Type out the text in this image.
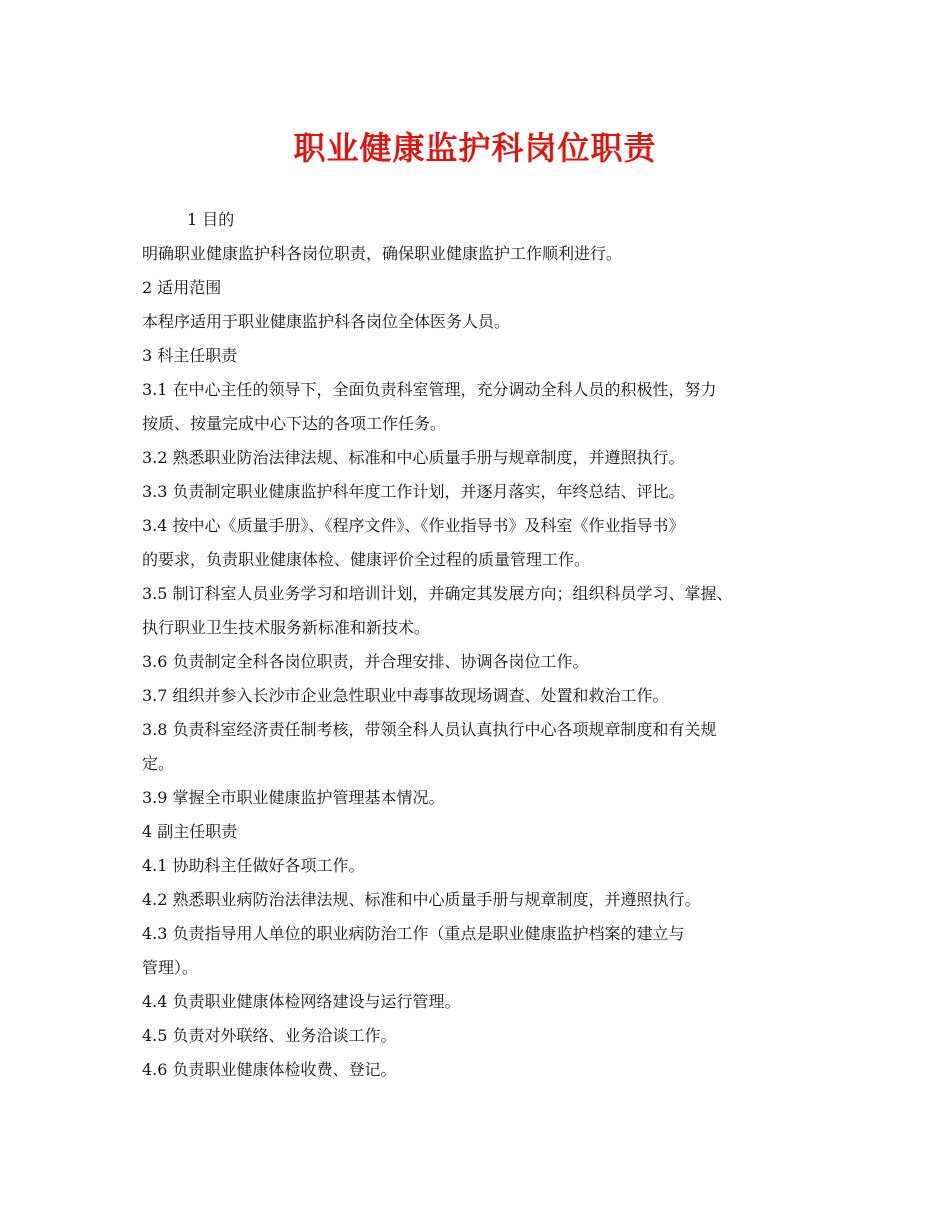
职业健康监护科岗位职责
1 目的
明确职业健康监护科各岗位职责，确保职业健康监护工作顺利进行。
2 适用范围
本程序适用于职业健康监护科各岗位全体医务人员。
3 科主任职责
3.1 在中心主任的领导下，全面负责科室管理，充分调动全科人员的积极性，努力
按质、按量完成中心下达的各项工作任务。
3.2 熟悉职业防治法律法规、标准和中心质量手册与规章制度，并遵照执行。
3.3 负责制定职业健康监护科年度工作计划，并逐月落实，年终总结、评比。
3.4 按中心《质量手册》、《程序文件》、《作业指导书》及科室《作业指导书》
的要求，负责职业健康体检、健康评价全过程的质量管理工作。
3.5 制订科室人员业务学习和培训计划，并确定其发展方向；组织科员学习、掌握、
执行职业卫生技术服务新标准和新技术。
3.6 负责制定全科各岗位职责，并合理安排、协调各岗位工作。
3.7 组织并参入长沙市企业急性职业中毒事故现场调查、处置和救治工作。
3.8 负责科室经济责任制考核，带领全科人员认真执行中心各项规章制度和有关规
定。
3.9 掌握全市职业健康监护管理基本情况。
4 副主任职责
4.1 协助科主任做好各项工作。
4.2 熟悉职业病防治法律法规、标准和中心质量手册与规章制度，并遵照执行。
4.3 负责指导用人单位的职业病防治工作（重点是职业健康监护档案的建立与
管理）。
4.4 负责职业健康体检网络建设与运行管理。
4.5 负责对外联络、业务洽谈工作。
4.6 负责职业健康体检收费、登记。
